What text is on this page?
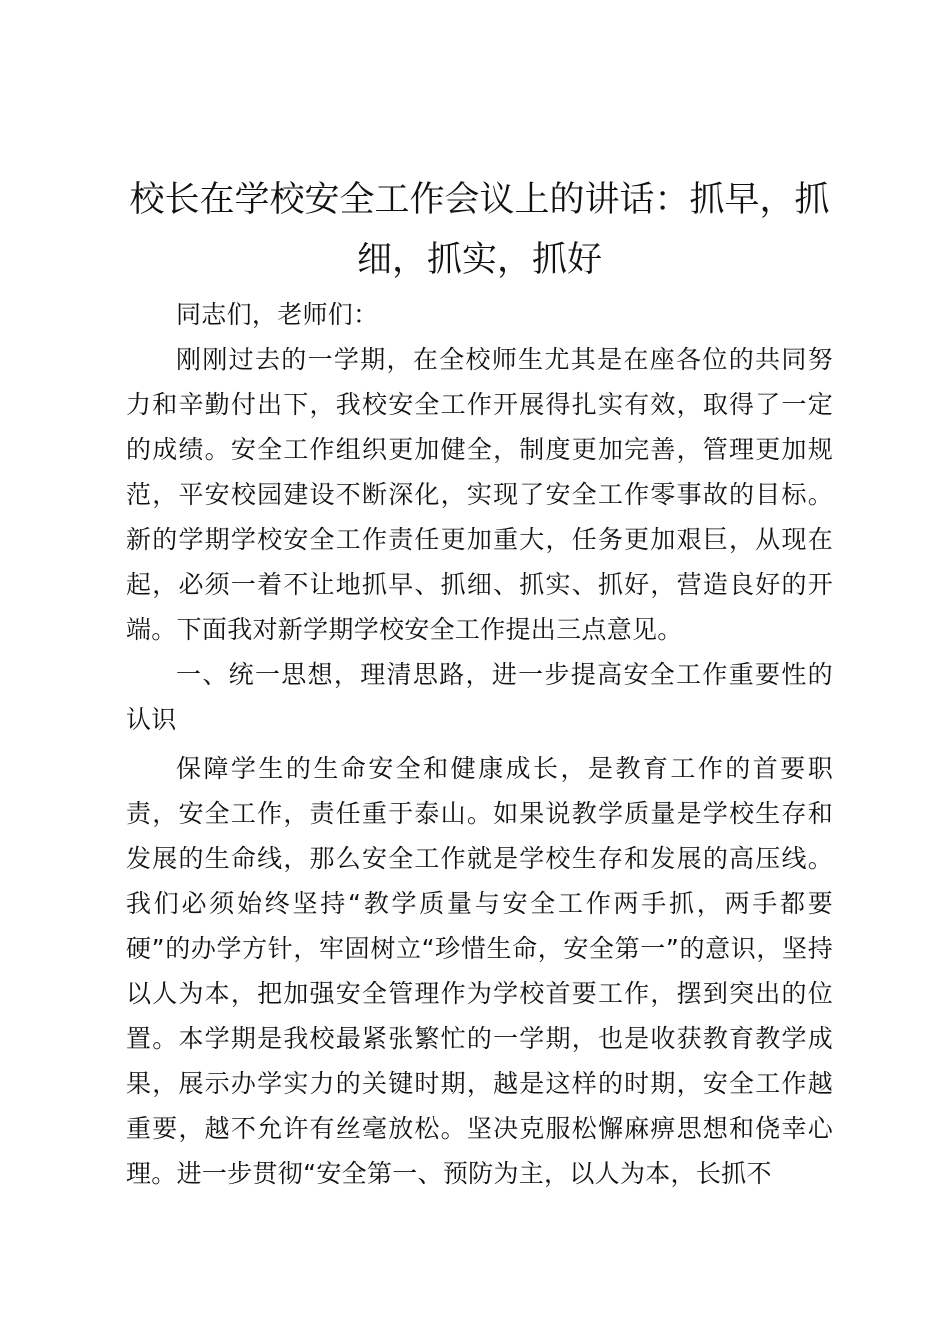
校长在学校安全工作会议上的讲话：抓早，抓细，抓实，抓好

同志们，老师们：

刚刚过去的一学期，在全校师生尤其是在座各位的共同努力和辛勤付出下，我校安全工作开展得扎实有效，取得了一定的成绩。安全工作组织更加健全，制度更加完善，管理更加规范，平安校园建设不断深化，实现了安全工作零事故的目标。新的学期学校安全工作责任更加重大，任务更加艰巨，从现在起，必须一着不让地抓早、抓细、抓实、抓好，营造良好的开端。下面我对新学期学校安全工作提出三点意见。

一、统一思想，理清思路，进一步提高安全工作重要性的认识

保障学生的生命安全和健康成长，是教育工作的首要职责，安全工作，责任重于泰山。如果说教学质量是学校生存和发展的生命线，那么安全工作就是学校生存和发展的高压线。我们必须始终坚持“教学质量与安全工作两手抓，两手都要硬”的办学方针，牢固树立“珍惜生命，安全第一”的意识，坚持以人为本，把加强安全管理作为学校首要工作，摆到突出的位置。本学期是我校最紧张繁忙的一学期，也是收获教育教学成果，展示办学实力的关键时期，越是这样的时期，安全工作越重要，越不允许有丝毫放松。坚决克服松懈麻痹思想和侥幸心理。进一步贯彻“安全第一、预防为主，以人为本，长抓不
